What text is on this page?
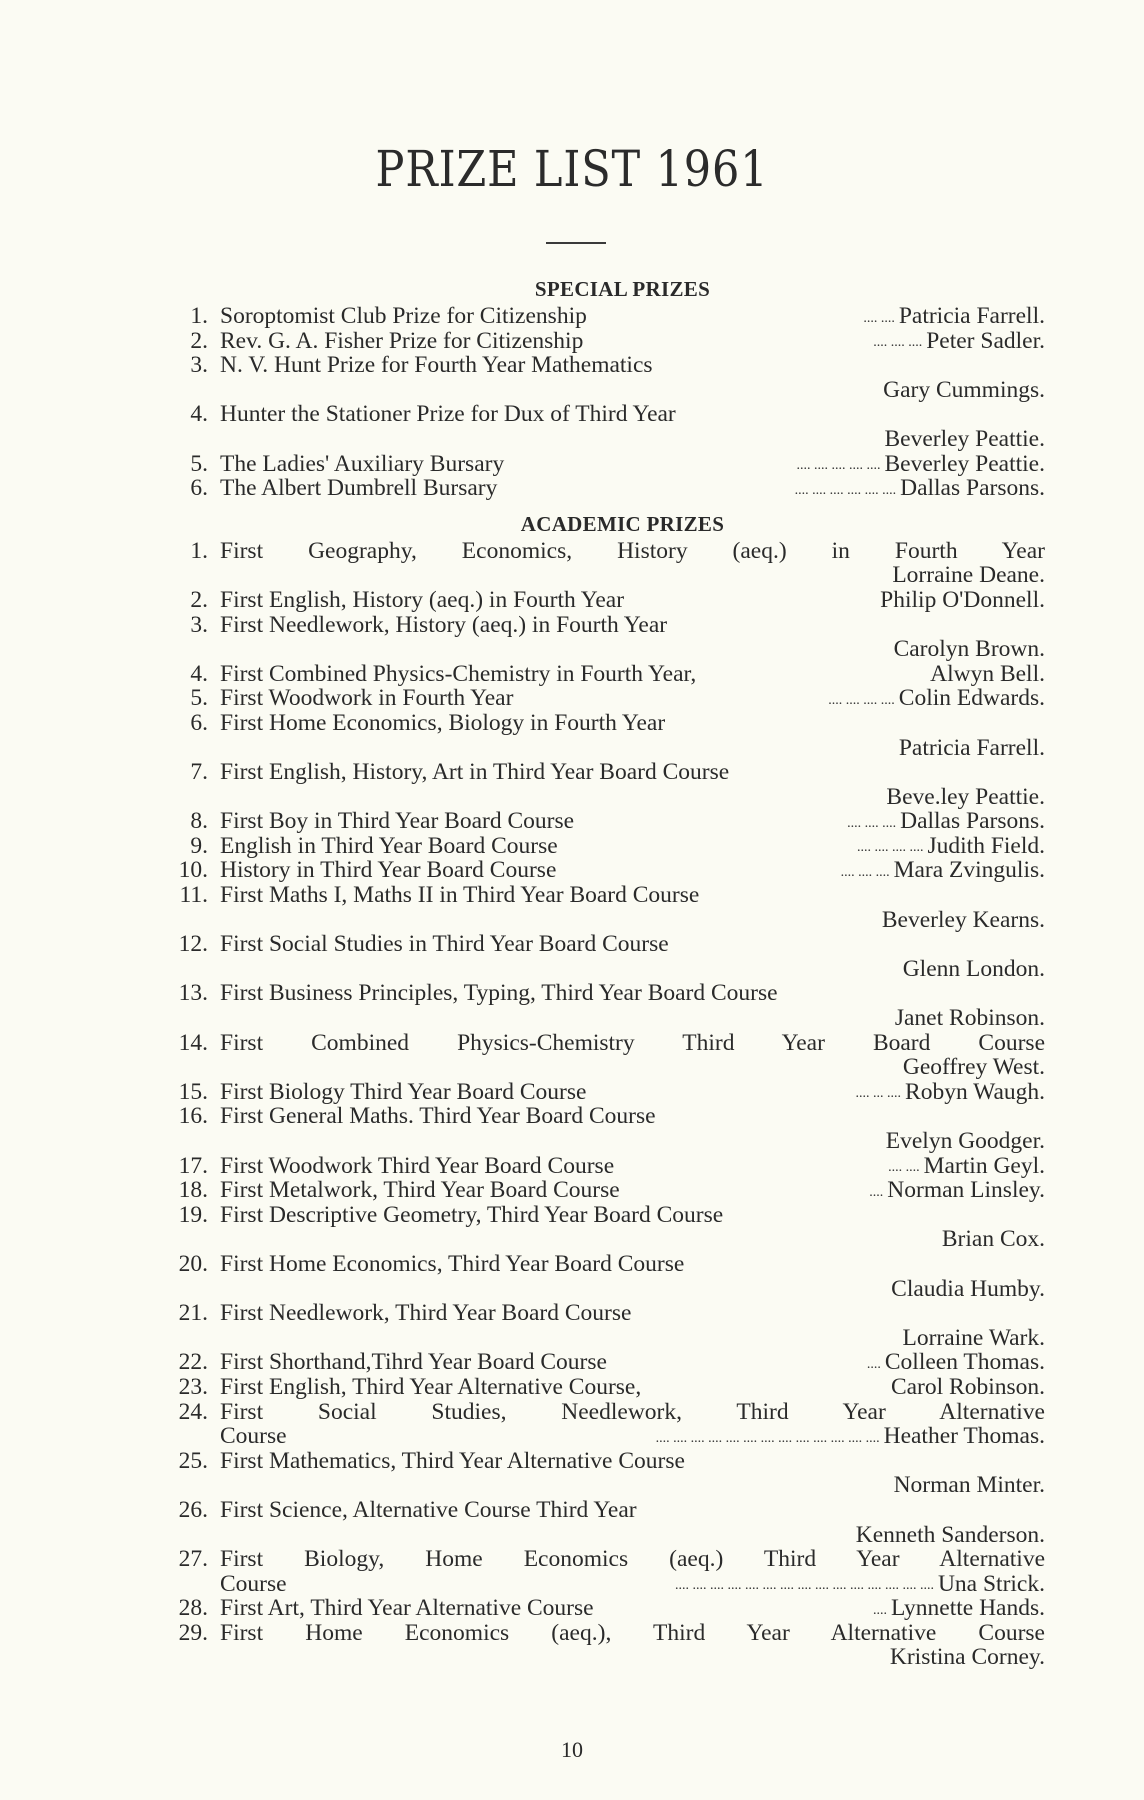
PRIZE LIST 1961
SPECIAL PRIZES
1. Soroptomist Club Prize for Citizenship	.... .... Patricia Farrell.
2. Rev. G. A. Fisher Prize for Citizenship	.... .... .... Peter Sadler.
3. N. V. Hunt Prize for Fourth Year Mathematics
Gary Cummings.
4. Hunter the Stationer Prize for Dux of Third Year
Beverley Peattie.
5. The Ladies' Auxiliary Bursary	.... .... .... .... .... Beverley Peattie.
6. The Albert Dumbrell Bursary	.... .... .... .... .... .... Dallas Parsons.
ACADEMIC PRIZES
1. First Geography, Economics, History (aeq.) in Fourth Year
Lorraine Deane.
2. First English, History (aeq.) in Fourth Year	Philip O'Donnell.
3. First Needlework, History (aeq.) in Fourth Year
Carolyn Brown.
4. First Combined Physics-Chemistry in Fourth Year,	Alwyn Bell.
5. First Woodwork in Fourth Year	.... .... .... .... Colin Edwards.
6. First Home Economics, Biology in Fourth Year
Patricia Farrell.
7. First English, History, Art in Third Year Board Course
Beve.ley Peattie.
8. First Boy in Third Year Board Course	.... .... .... Dallas Parsons.
9. English in Third Year Board Course	.... .... .... .... Judith Field.
10. History in Third Year Board Course	.... .... .... Mara Zvingulis.
11. First Maths I, Maths II in Third Year Board Course
Beverley Kearns.
12. First Social Studies in Third Year Board Course
Glenn London.
13. First Business Principles, Typing, Third Year Board Course
Janet Robinson.
14. First Combined Physics-Chemistry Third Year Board Course
Geoffrey West.
15. First Biology Third Year Board Course	.... ... .... Robyn Waugh.
16. First General Maths. Third Year Board Course
Evelyn Goodger.
17. First Woodwork Third Year Board Course	.... .... Martin Geyl.
18. First Metalwork, Third Year Board Course	.... Norman Linsley.
19. First Descriptive Geometry, Third Year Board Course
Brian Cox.
20. First Home Economics, Third Year Board Course
Claudia Humby.
21. First Needlework, Third Year Board Course
Lorraine Wark.
22. First Shorthand,Tihrd Year Board Course	.... Colleen Thomas.
23. First English, Third Year Alternative Course,	Carol Robinson.
24. First Social Studies, Needlework, Third Year Alternative
Course	.... .... .... .... .... .... .... .... .... .... .... .... .... Heather Thomas.
25. First Mathematics, Third Year Alternative Course
Norman Minter.
26. First Science, Alternative Course Third Year
Kenneth Sanderson.
27. First Biology, Home Economics (aeq.) Third Year Alternative
Course	.... .... .... .... .... .... .... .... .... .... .... .... .... .... .... Una Strick.
28. First Art, Third Year Alternative Course	.... Lynnette Hands.
29. First Home Economics (aeq.), Third Year Alternative Course
Kristina Corney.
10
